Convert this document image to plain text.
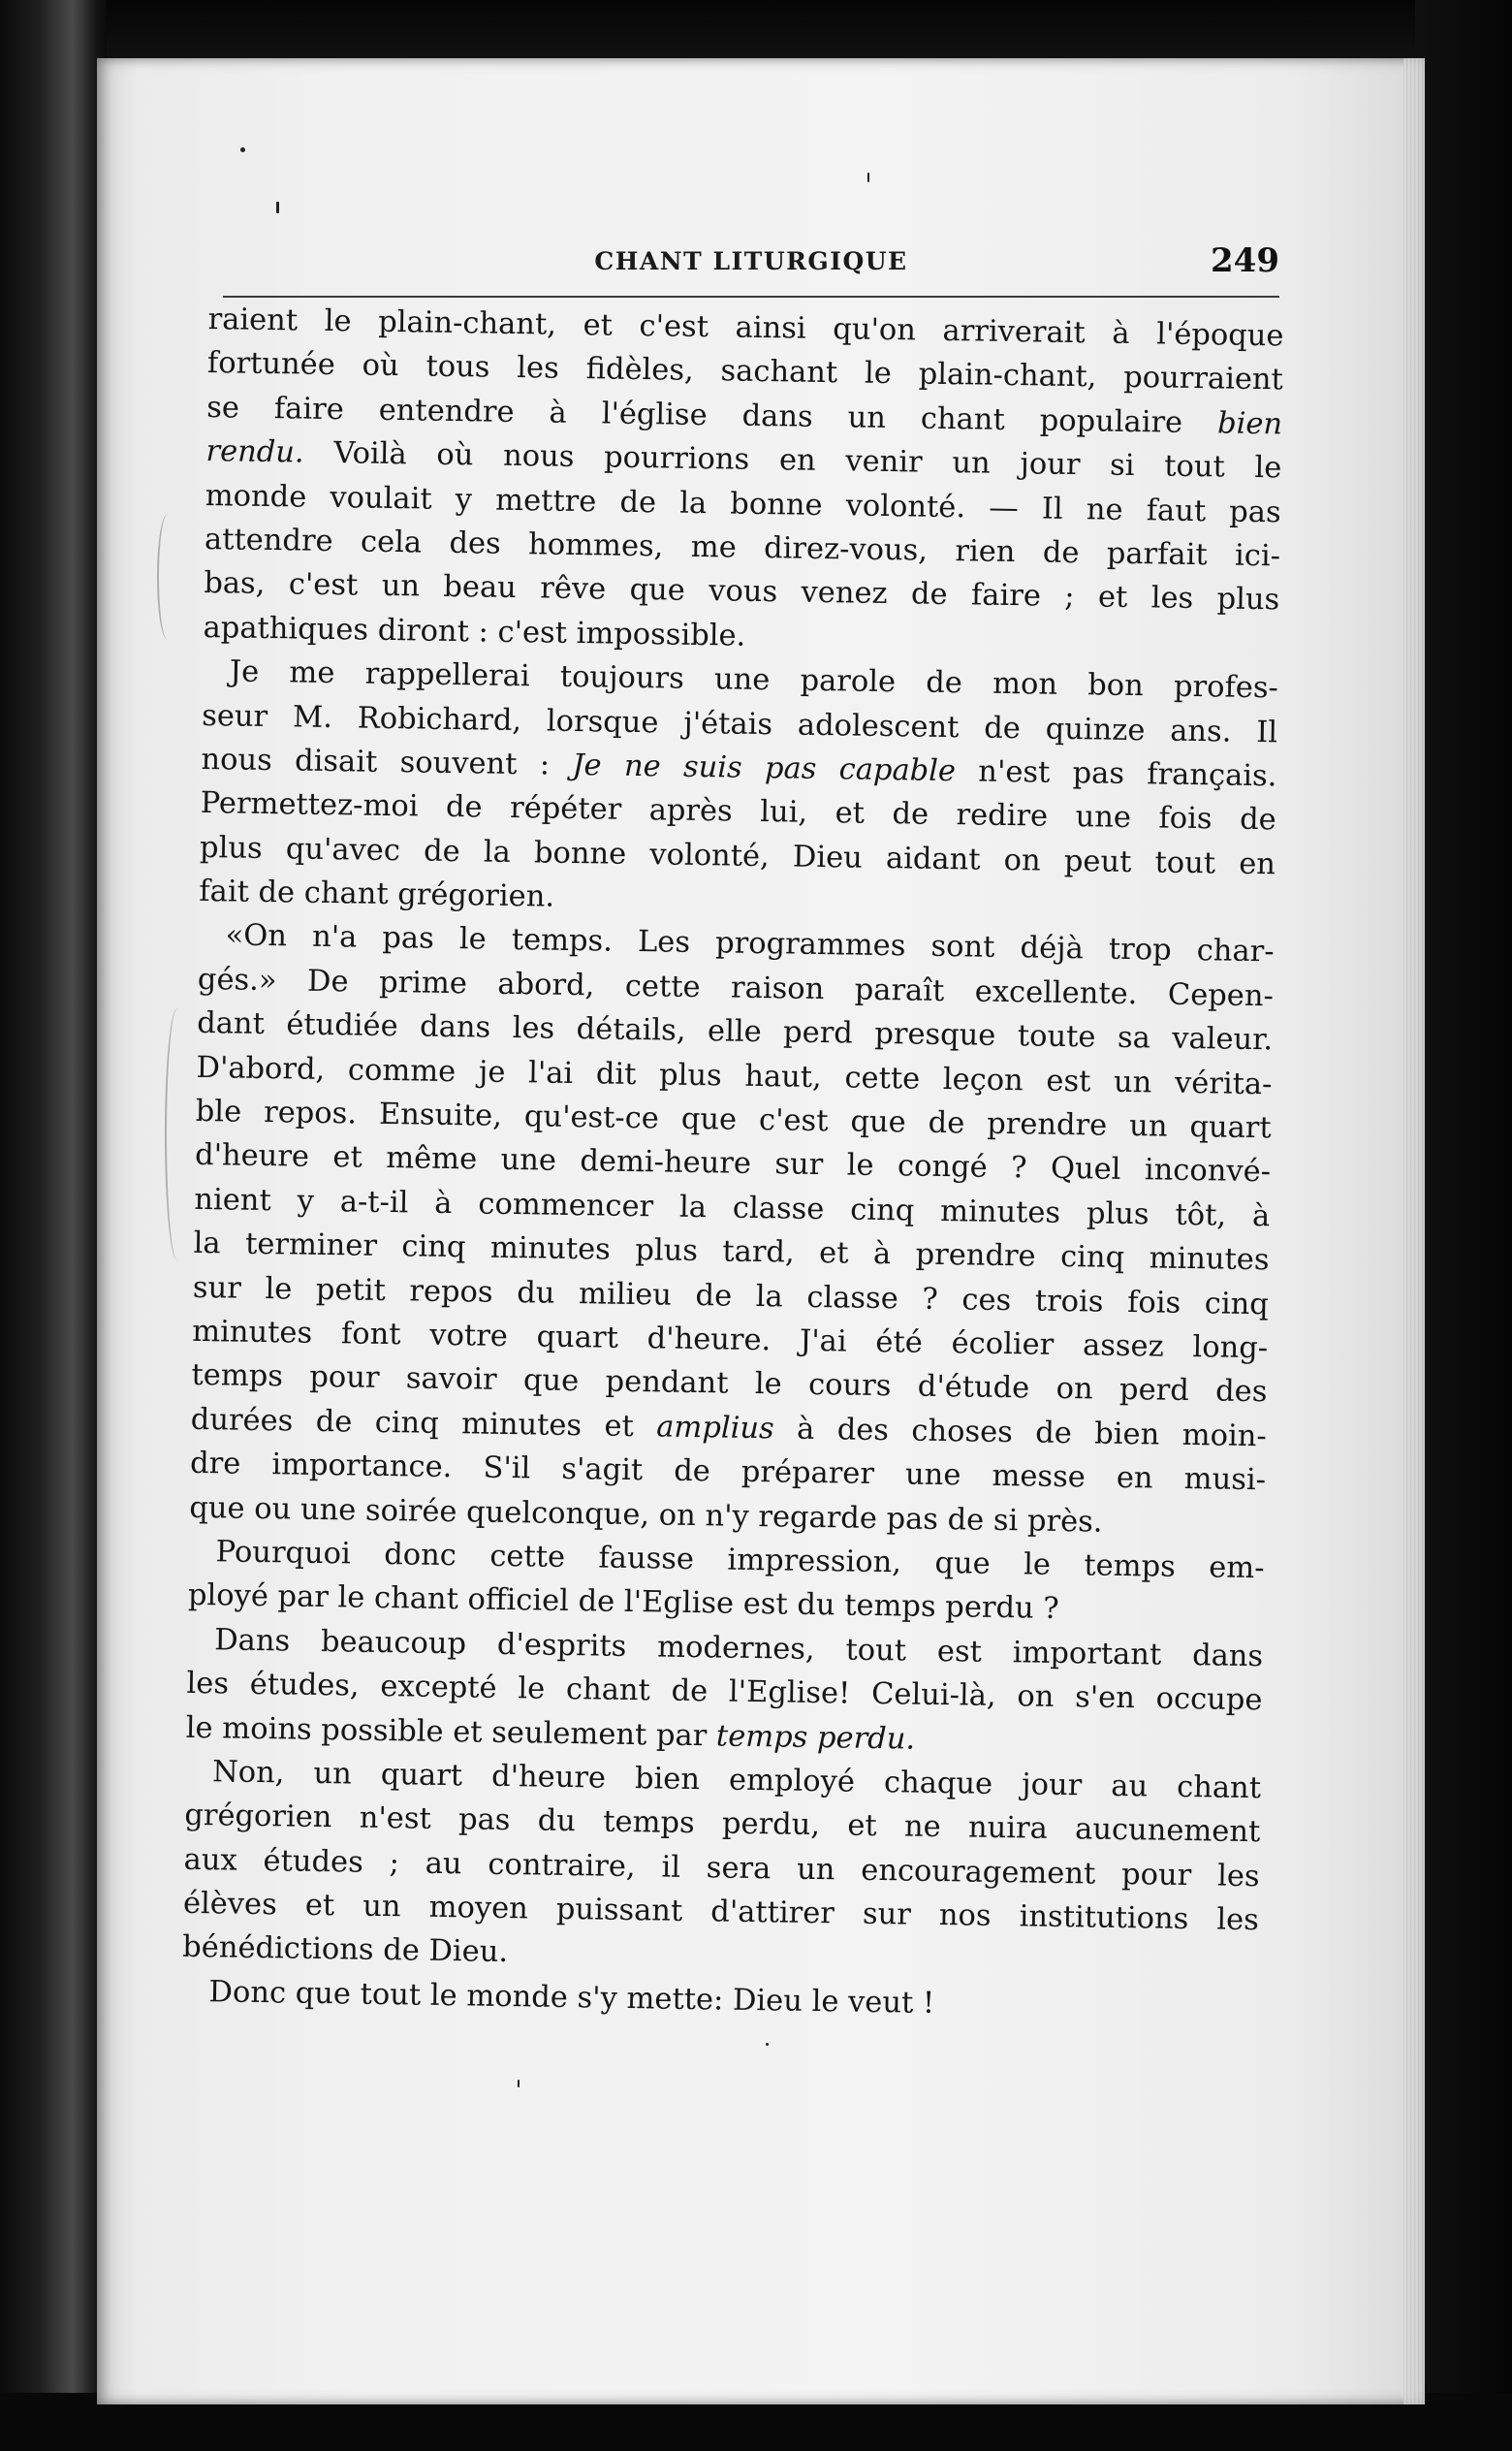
CHANT LITURGIQUE	249
raient le plain-chant, et c'est ainsi qu'on arriverait à l'époque
fortunée où tous les fidèles, sachant le plain-chant, pourraient
se faire entendre à l'église dans un chant populaire bien
rendu. Voilà où nous pourrions en venir un jour si tout le
monde voulait y mettre de la bonne volonté. — Il ne faut pas
attendre cela des hommes, me direz-vous, rien de parfait ici-
bas, c'est un beau rêve que vous venez de faire ; et les plus
apathiques diront : c'est impossible.
Je me rappellerai toujours une parole de mon bon profes-
seur M. Robichard, lorsque j'étais adolescent de quinze ans. Il
nous disait souvent : Je ne suis pas capable n'est pas français.
Permettez-moi de répéter après lui, et de redire une fois de
plus qu'avec de la bonne volonté, Dieu aidant on peut tout en
fait de chant grégorien.
«On n'a pas le temps. Les programmes sont déjà trop char-
gés.» De prime abord, cette raison paraît excellente. Cepen-
dant étudiée dans les détails, elle perd presque toute sa valeur.
D'abord, comme je l'ai dit plus haut, cette leçon est un vérita-
ble repos. Ensuite, qu'est-ce que c'est que de prendre un quart
d'heure et même une demi-heure sur le congé ? Quel inconvé-
nient y a-t-il à commencer la classe cinq minutes plus tôt, à
la terminer cinq minutes plus tard, et à prendre cinq minutes
sur le petit repos du milieu de la classe ? ces trois fois cinq
minutes font votre quart d'heure. J'ai été écolier assez long-
temps pour savoir que pendant le cours d'étude on perd des
durées de cinq minutes et amplius à des choses de bien moin-
dre importance. S'il s'agit de préparer une messe en musi-
que ou une soirée quelconque, on n'y regarde pas de si près.
Pourquoi donc cette fausse impression, que le temps em-
ployé par le chant officiel de l'Eglise est du temps perdu ?
Dans beaucoup d'esprits modernes, tout est important dans
les études, excepté le chant de l'Eglise! Celui-là, on s'en occupe
le moins possible et seulement par temps perdu.
Non, un quart d'heure bien employé chaque jour au chant
grégorien n'est pas du temps perdu, et ne nuira aucunement
aux études ; au contraire, il sera un encouragement pour les
élèves et un moyen puissant d'attirer sur nos institutions les
bénédictions de Dieu.
Donc que tout le monde s'y mette: Dieu le veut !
